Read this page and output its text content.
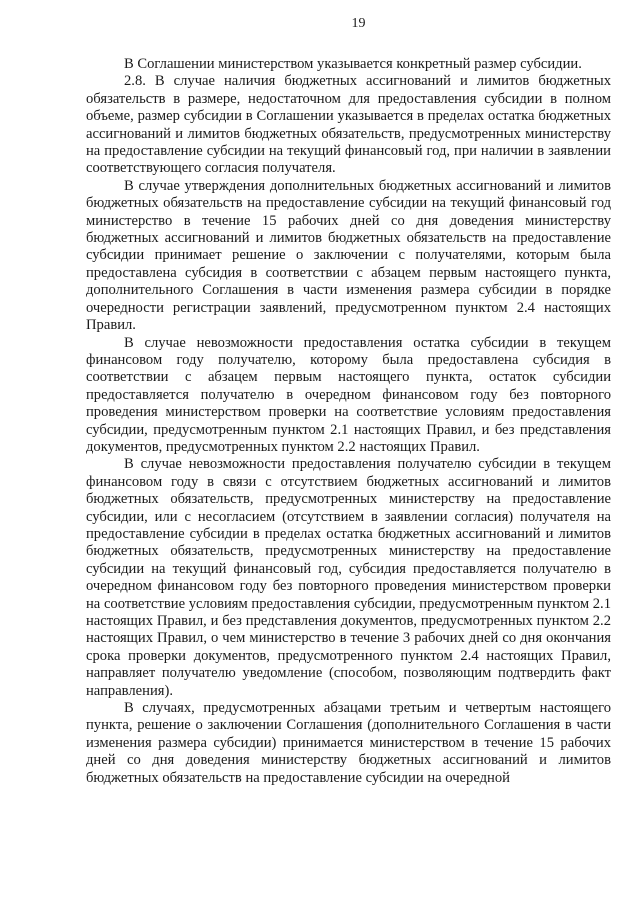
19

В Соглашении министерством указывается конкретный размер субсидии.

2.8. В случае наличия бюджетных ассигнований и лимитов бюджетных обязательств в размере, недостаточном для предоставления субсидии в полном объеме, размер субсидии в Соглашении указывается в пределах остатка бюджетных ассигнований и лимитов бюджетных обязательств, предусмотренных министерству на предоставление субсидии на текущий финансовый год, при наличии в заявлении соответствующего согласия получателя.

В случае утверждения дополнительных бюджетных ассигнований и лимитов бюджетных обязательств на предоставление субсидии на текущий финансовый год министерство в течение 15 рабочих дней со дня доведения министерству бюджетных ассигнований и лимитов бюджетных обязательств на предоставление субсидии принимает решение о заключении с получателями, которым была предоставлена субсидия в соответствии с абзацем первым настоящего пункта, дополнительного Соглашения в части изменения размера субсидии в порядке очередности регистрации заявлений, предусмотренном пунктом 2.4 настоящих Правил.

В случае невозможности предоставления остатка субсидии в текущем финансовом году получателю, которому была предоставлена субсидия в соответствии с абзацем первым настоящего пункта, остаток субсидии предоставляется получателю в очередном финансовом году без повторного проведения министерством проверки на соответствие условиям предоставления субсидии, предусмотренным пунктом 2.1 настоящих Правил, и без представления документов, предусмотренных пунктом 2.2 настоящих Правил.

В случае невозможности предоставления получателю субсидии в текущем финансовом году в связи с отсутствием бюджетных ассигнований и лимитов бюджетных обязательств, предусмотренных министерству на предоставление субсидии, или с несогласием (отсутствием в заявлении согласия) получателя на предоставление субсидии в пределах остатка бюджетных ассигнований и лимитов бюджетных обязательств, предусмотренных министерству на предоставление субсидии на текущий финансовый год, субсидия предоставляется получателю в очередном финансовом году без повторного проведения министерством проверки на соответствие условиям предоставления субсидии, предусмотренным пунктом 2.1 настоящих Правил, и без представления документов, предусмотренных пунктом 2.2 настоящих Правил, о чем министерство в течение 3 рабочих дней со дня окончания срока проверки документов, предусмотренного пунктом 2.4 настоящих Правил, направляет получателю уведомление (способом, позволяющим подтвердить факт направления).

В случаях, предусмотренных абзацами третьим и четвертым настоящего пункта, решение о заключении Соглашения (дополнительного Соглашения в части изменения размера субсидии) принимается министерством в течение 15 рабочих дней со дня доведения министерству бюджетных ассигнований и лимитов бюджетных обязательств на предоставление субсидии на очередной
